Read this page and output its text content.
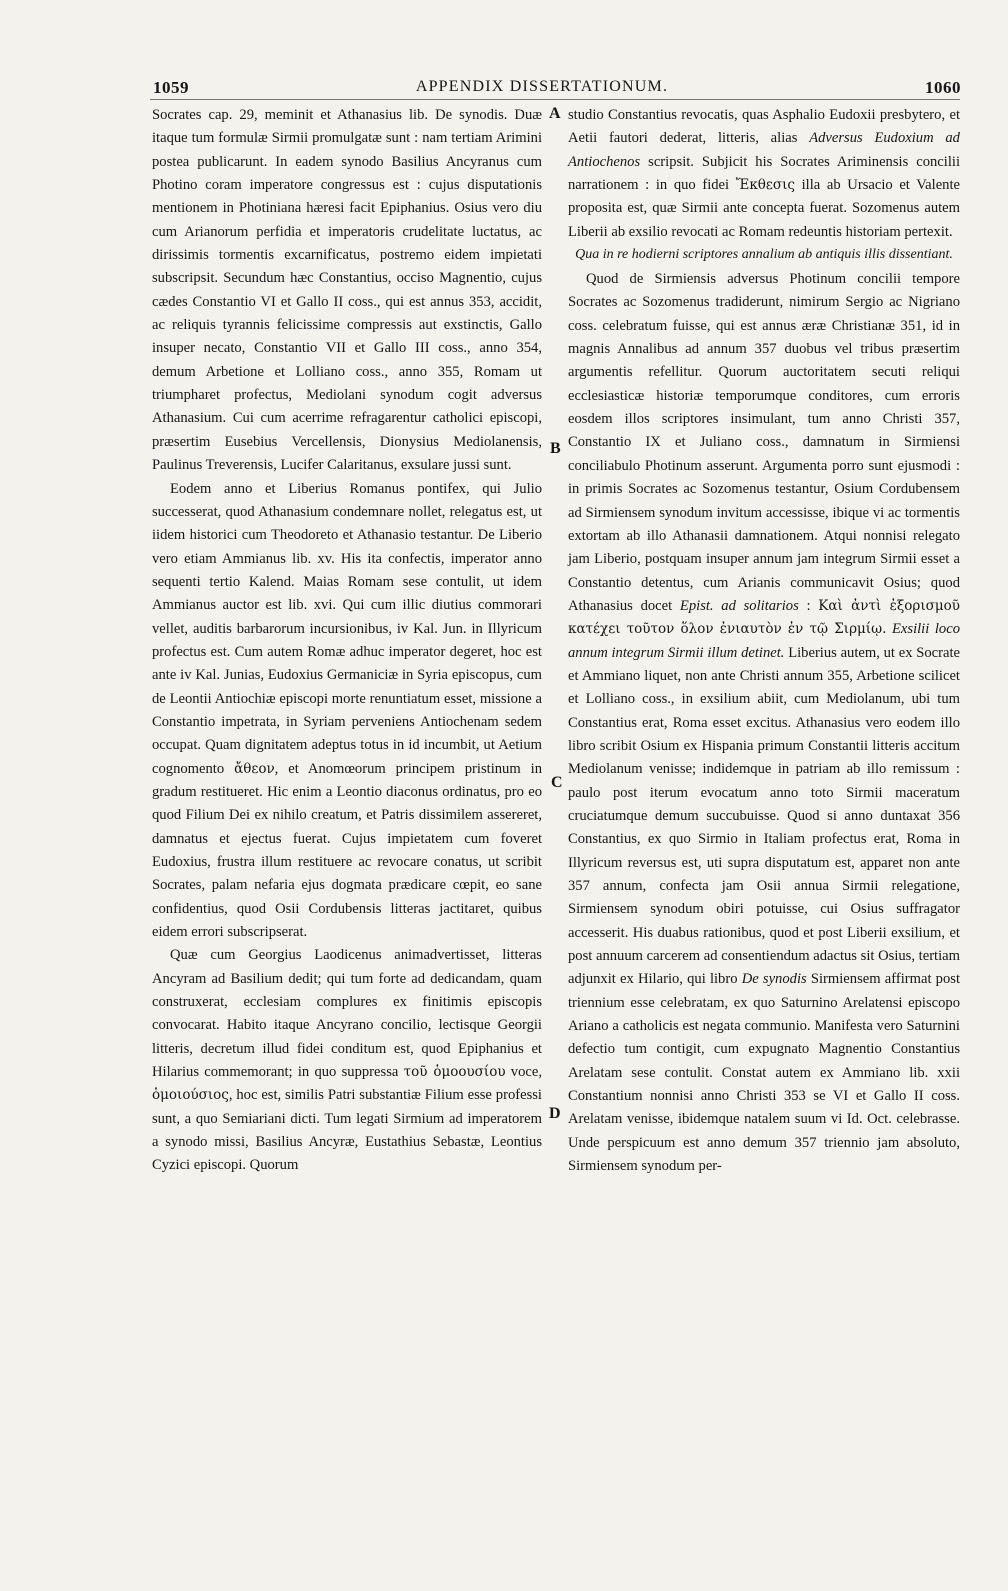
1059	APPENDIX DISSERTATIONUM.	1060
A
B
C
D

Socrates cap. 29, meminit et Athanasius lib. De synodis. Duæ itaque tum formulæ Sirmii promulgatæ sunt : nam tertiam Arimini postea publicarunt. In eadem synodo Basilius Ancyranus cum Photino coram imperatore congressus est : cujus disputationis mentionem in Photiniana hæresi facit Epiphanius. Osius vero diu cum Arianorum perfidia et imperatoris crudelitate luctatus, ac dirissimis tormentis excarnificatus, postremo eidem impietati subscripsit. Secundum hæc Constantius, occiso Magnentio, cujus cædes Constantio VI et Gallo II coss., qui est annus 353, accidit, ac reliquis tyrannis felicissime compressis aut exstinctis, Gallo insuper necato, Constantio VII et Gallo III coss., anno 354, demum Arbetione et Lolliano coss., anno 355, Romam ut triumpharet profectus, Mediolani synodum cogit adversus Athanasium. Cui cum acerrime refragarentur catholici episcopi, præsertim Eusebius Vercellensis, Dionysius Mediolanensis, Paulinus Treverensis, Lucifer Calaritanus, exsulare jussi sunt.

Eodem anno et Liberius Romanus pontifex, qui Julio successerat, quod Athanasium condemnare nollet, relegatus est, ut iidem historici cum Theodoreto et Athanasio testantur. De Liberio vero etiam Ammianus lib. xv. His ita confectis, imperator anno sequenti tertio Kalend. Maias Romam sese contulit, ut idem Ammianus auctor est lib. xvi. Qui cum illic diutius commorari vellet, auditis barbarorum incursionibus, iv Kal. Jun. in Illyricum profectus est. Cum autem Romæ adhuc imperator degeret, hoc est ante iv Kal. Junias, Eudoxius Germaniciæ in Syria episcopus, cum de Leontii Antiochiæ episcopi morte renuntiatum esset, missione a Constantio impetrata, in Syriam perveniens Antiochenam sedem occupat. Quam dignitatem adeptus totus in id incumbit, ut Aetium cognomento ἄθεον, et Anomœorum principem pristinum in gradum restitueret. Hic enim a Leontio diaconus ordinatus, pro eo quod Filium Dei ex nihilo creatum, et Patris dissimilem assereret, damnatus et ejectus fuerat. Cujus impietatem cum foveret Eudoxius, frustra illum restituere ac revocare conatus, ut scribit Socrates, palam nefaria ejus dogmata prædicare cœpit, eo sane confidentius, quod Osii Cordubensis litteras jactitaret, quibus eidem errori subscripserat.

Quæ cum Georgius Laodicenus animadvertisset, litteras Ancyram ad Basilium dedit; qui tum forte ad dedicandam, quam construxerat, ecclesiam complures ex finitimis episcopis convocarat. Habito itaque Ancyrano concilio, lectisque Georgii litteris, decretum illud fidei conditum est, quod Epiphanius et Hilarius commemorant; in quo suppressa τοῦ ὁμοουσίου voce, ὁμοιούσιος, hoc est, similis Patri substantiæ Filium esse professi sunt, a quo Semiariani dicti. Tum legati Sirmium ad imperatorem a synodo missi, Basilius Ancyræ, Eustathius Sebastæ, Leontius Cyzici episcopi. Quorum

studio Constantius revocatis, quas Asphalio Eudoxii presbytero, et Aetii fautori dederat, litteris, alias Adversus Eudoxium ad Antiochenos scripsit. Subjicit his Socrates Ariminensis concilii narrationem : in quo fidei Ἔκθεσις illa ab Ursacio et Valente proposita est, quæ Sirmii ante concepta fuerat. Sozomenus autem Liberii ab exsilio revocati ac Romam redeuntis historiam pertexit.

Qua in re hodierni scriptores annalium ab antiquis illis dissentiant.

Quod de Sirmiensis adversus Photinum concilii tempore Socrates ac Sozomenus tradiderunt, nimirum Sergio ac Nigriano coss. celebratum fuisse, qui est annus æræ Christianæ 351, id in magnis Annalibus ad annum 357 duobus vel tribus præsertim argumentis refellitur. Quorum auctoritatem secuti reliqui ecclesiasticæ historiæ temporumque conditores, cum erroris eosdem illos scriptores insimulant, tum anno Christi 357, Constantio IX et Juliano coss., damnatum in Sirmiensi conciliabulo Photinum asserunt. Argumenta porro sunt ejusmodi : in primis Socrates ac Sozomenus testantur, Osium Cordubensem ad Sirmiensem synodum invitum accessisse, ibique vi ac tormentis extortam ab illo Athanasii damnationem. Atqui nonnisi relegato jam Liberio, postquam insuper annum jam integrum Sirmii esset a Constantio detentus, cum Arianis communicavit Osius; quod Athanasius docet Epist. ad solitarios : Καὶ ἀντὶ ἐξορισμοῦ κατέχει τοῦτον ὅλον ἐνιαυτὸν ἐν τῷ Σιρμίῳ. Exsilii loco annum integrum Sirmii illum detinet. Liberius autem, ut ex Socrate et Ammiano liquet, non ante Christi annum 355, Arbetione scilicet et Lolliano coss., in exsilium abiit, cum Mediolanum, ubi tum Constantius erat, Roma esset excitus. Athanasius vero eodem illo libro scribit Osium ex Hispania primum Constantii litteris accitum Mediolanum venisse; indidemque in patriam ab illo remissum : paulo post iterum evocatum anno toto Sirmii maceratum cruciatumque demum succubuisse. Quod si anno duntaxat 356 Constantius, ex quo Sirmio in Italiam profectus erat, Roma in Illyricum reversus est, uti supra disputatum est, apparet non ante 357 annum, confecta jam Osii annua Sirmii relegatione, Sirmiensem synodum obiri potuisse, cui Osius suffragator accesserit. His duabus rationibus, quod et post Liberii exsilium, et post annuum carcerem ad consentiendum adactus sit Osius, tertiam adjunxit ex Hilario, qui libro De synodis Sirmiensem affirmat post triennium esse celebratam, ex quo Saturnino Arelatensi episcopo Ariano a catholicis est negata communio. Manifesta vero Saturnini defectio tum contigit, cum expugnato Magnentio Constantius Arelatam sese contulit. Constat autem ex Ammiano lib. xxii Constantium nonnisi anno Christi 353 se VI et Gallo II coss. Arelatam venisse, ibidemque natalem suum vi Id. Oct. celebrasse. Unde perspicuum est anno demum 357 triennio jam absoluto, Sirmiensem synodum per-
